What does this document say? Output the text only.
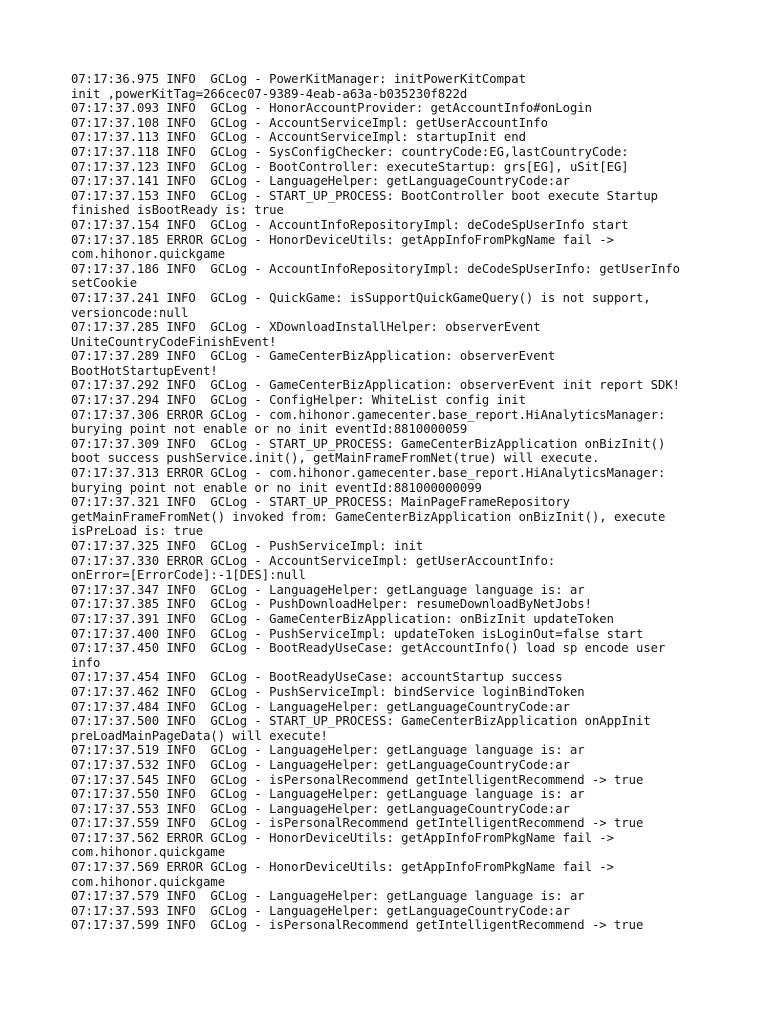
07:17:36.975 INFO  GCLog - PowerKitManager: initPowerKitCompat
init ,powerKitTag=266cec07-9389-4eab-a63a-b035230f822d
07:17:37.093 INFO  GCLog - HonorAccountProvider: getAccountInfo#onLogin
07:17:37.108 INFO  GCLog - AccountServiceImpl: getUserAccountInfo
07:17:37.113 INFO  GCLog - AccountServiceImpl: startupInit end
07:17:37.118 INFO  GCLog - SysConfigChecker: countryCode:EG,lastCountryCode:
07:17:37.123 INFO  GCLog - BootController: executeStartup: grs[EG], uSit[EG]
07:17:37.141 INFO  GCLog - LanguageHelper: getLanguageCountryCode:ar
07:17:37.153 INFO  GCLog - START_UP_PROCESS: BootController boot execute Startup
finished isBootReady is: true
07:17:37.154 INFO  GCLog - AccountInfoRepositoryImpl: deCodeSpUserInfo start
07:17:37.185 ERROR GCLog - HonorDeviceUtils: getAppInfoFromPkgName fail ->
com.hihonor.quickgame
07:17:37.186 INFO  GCLog - AccountInfoRepositoryImpl: deCodeSpUserInfo: getUserInfo
setCookie
07:17:37.241 INFO  GCLog - QuickGame: isSupportQuickGameQuery() is not support,
versioncode:null
07:17:37.285 INFO  GCLog - XDownloadInstallHelper: observerEvent
UniteCountryCodeFinishEvent!
07:17:37.289 INFO  GCLog - GameCenterBizApplication: observerEvent
BootHotStartupEvent!
07:17:37.292 INFO  GCLog - GameCenterBizApplication: observerEvent init report SDK!
07:17:37.294 INFO  GCLog - ConfigHelper: WhiteList config init
07:17:37.306 ERROR GCLog - com.hihonor.gamecenter.base_report.HiAnalyticsManager:
burying point not enable or no init eventId:8810000059
07:17:37.309 INFO  GCLog - START_UP_PROCESS: GameCenterBizApplication onBizInit()
boot success pushService.init(), getMainFrameFromNet(true) will execute.
07:17:37.313 ERROR GCLog - com.hihonor.gamecenter.base_report.HiAnalyticsManager:
burying point not enable or no init eventId:881000000099
07:17:37.321 INFO  GCLog - START_UP_PROCESS: MainPageFrameRepository
getMainFrameFromNet() invoked from: GameCenterBizApplication onBizInit(), execute
isPreLoad is: true
07:17:37.325 INFO  GCLog - PushServiceImpl: init
07:17:37.330 ERROR GCLog - AccountServiceImpl: getUserAccountInfo:
onError=[ErrorCode]:-1[DES]:null
07:17:37.347 INFO  GCLog - LanguageHelper: getLanguage language is: ar
07:17:37.385 INFO  GCLog - PushDownloadHelper: resumeDownloadByNetJobs!
07:17:37.391 INFO  GCLog - GameCenterBizApplication: onBizInit updateToken
07:17:37.400 INFO  GCLog - PushServiceImpl: updateToken isLoginOut=false start
07:17:37.450 INFO  GCLog - BootReadyUseCase: getAccountInfo() load sp encode user
info
07:17:37.454 INFO  GCLog - BootReadyUseCase: accountStartup success
07:17:37.462 INFO  GCLog - PushServiceImpl: bindService loginBindToken
07:17:37.484 INFO  GCLog - LanguageHelper: getLanguageCountryCode:ar
07:17:37.500 INFO  GCLog - START_UP_PROCESS: GameCenterBizApplication onAppInit
preLoadMainPageData() will execute!
07:17:37.519 INFO  GCLog - LanguageHelper: getLanguage language is: ar
07:17:37.532 INFO  GCLog - LanguageHelper: getLanguageCountryCode:ar
07:17:37.545 INFO  GCLog - isPersonalRecommend getIntelligentRecommend -> true
07:17:37.550 INFO  GCLog - LanguageHelper: getLanguage language is: ar
07:17:37.553 INFO  GCLog - LanguageHelper: getLanguageCountryCode:ar
07:17:37.559 INFO  GCLog - isPersonalRecommend getIntelligentRecommend -> true
07:17:37.562 ERROR GCLog - HonorDeviceUtils: getAppInfoFromPkgName fail ->
com.hihonor.quickgame
07:17:37.569 ERROR GCLog - HonorDeviceUtils: getAppInfoFromPkgName fail ->
com.hihonor.quickgame
07:17:37.579 INFO  GCLog - LanguageHelper: getLanguage language is: ar
07:17:37.593 INFO  GCLog - LanguageHelper: getLanguageCountryCode:ar
07:17:37.599 INFO  GCLog - isPersonalRecommend getIntelligentRecommend -> true
